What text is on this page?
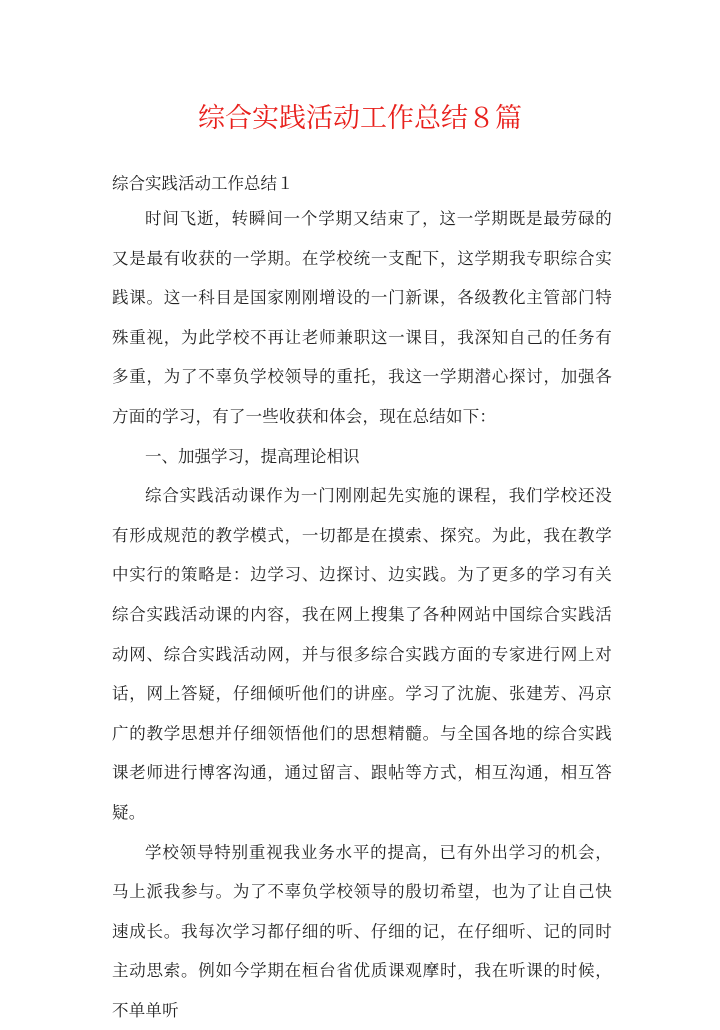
综合实践活动工作总结８篇

综合实践活动工作总结１

时间飞逝，转瞬间一个学期又结束了，这一学期既是最劳碌的又是最有收获的一学期。在学校统一支配下，这学期我专职综合实践课。这一科目是国家刚刚增设的一门新课，各级教化主管部门特殊重视，为此学校不再让老师兼职这一课目，我深知自己的任务有多重，为了不辜负学校领导的重托，我这一学期潜心探讨，加强各方面的学习，有了一些收获和体会，现在总结如下：

一、加强学习，提高理论相识

综合实践活动课作为一门刚刚起先实施的课程，我们学校还没有形成规范的教学模式，一切都是在摸索、探究。为此，我在教学中实行的策略是：边学习、边探讨、边实践。为了更多的学习有关综合实践活动课的内容，我在网上搜集了各种网站中国综合实践活动网、综合实践活动网，并与很多综合实践方面的专家进行网上对话，网上答疑，仔细倾听他们的讲座。学习了沈旎、张建芳、冯京广的教学思想并仔细领悟他们的思想精髓。与全国各地的综合实践课老师进行博客沟通，通过留言、跟帖等方式，相互沟通，相互答疑。

学校领导特别重视我业务水平的提高，已有外出学习的机会，马上派我参与。为了不辜负学校领导的殷切希望，也为了让自己快速成长。我每次学习都仔细的听、仔细的记，在仔细听、记的同时主动思索。例如今学期在桓台省优质课观摩时，我在听课的时候，不单单听
